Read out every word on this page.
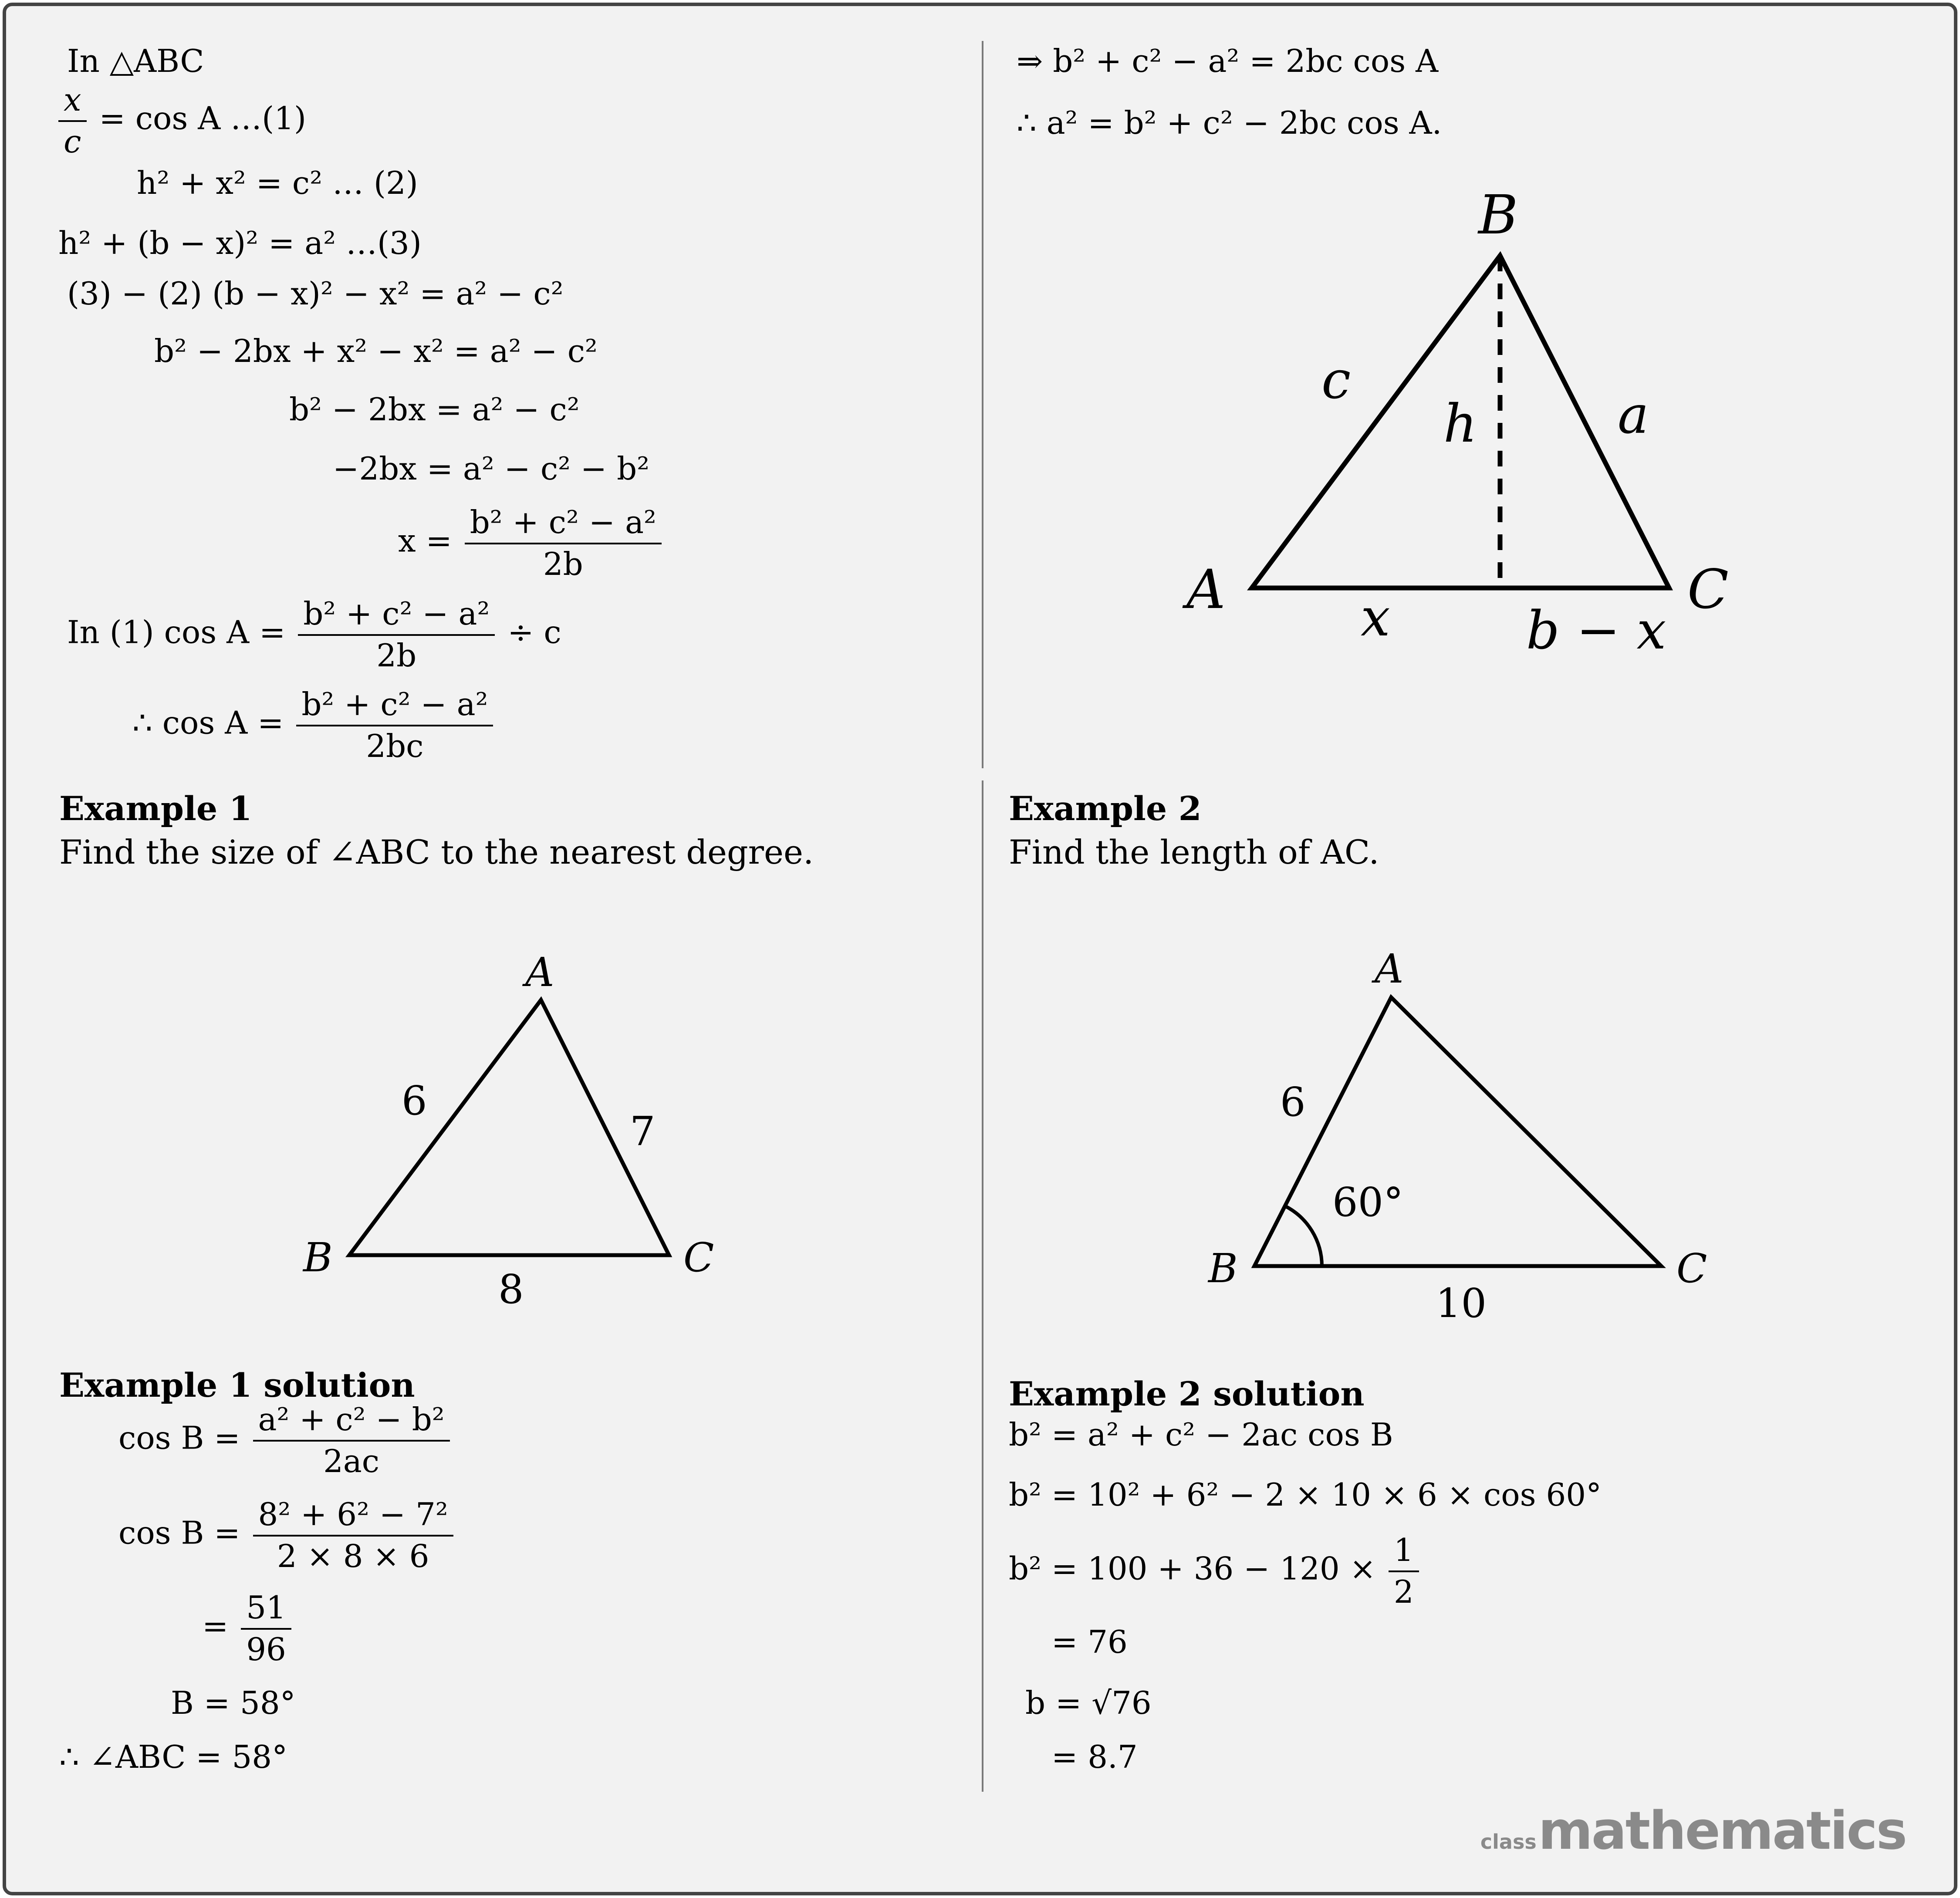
In △ABC
$\frac{x}{c} = \cos A$ …(1)
h² + x² = c² … (2)
h² + (b − x)² = a² …(3)
(3) − (2) (b − x)² − x² = a² − c²
b² − 2bx + x² − x² = a² − c²
b² − 2bx = a² − c²
−2bx = a² − c² − b²
$x = \frac{\text{b² + c² − a²}}{2b}$
In (1) $\cos A = \frac{\text{b² + c² − a²}}{2b} \div c$
∴ $\cos A = \frac{\text{b² + c² − a²}}{2bc}$
⇒ b² + c² − a² = 2bc cos A
∴ a² = b² + c² − 2bc cos A.
A
B
C
c
a
h
x	b − x
Example 1
Find the size of ∠ABC to the nearest degree.
A
B	C
6
7
8
Example 1 solution
$\cos B = \frac{\text{a² + c² − b²}}{2ac}$
$\cos B = \frac{\text{8² + 6² − 7²}}{2 \times 8 \times 6}$
= $\frac{51}{96}$
B = 58°
∴ ∠ABC = 58°
Example 2
Find the length of AC.
A
B	C
6
60°
10
Example 2 solution
b² = a² + c² − 2ac cos B
b² = 10² + 6² − 2 × 10 × 6 × cos 60°
$b^2 = 100 + 36 - 120 \times \frac{1}{2}$
= 76
b = √76
= 8.7
classmathematics
